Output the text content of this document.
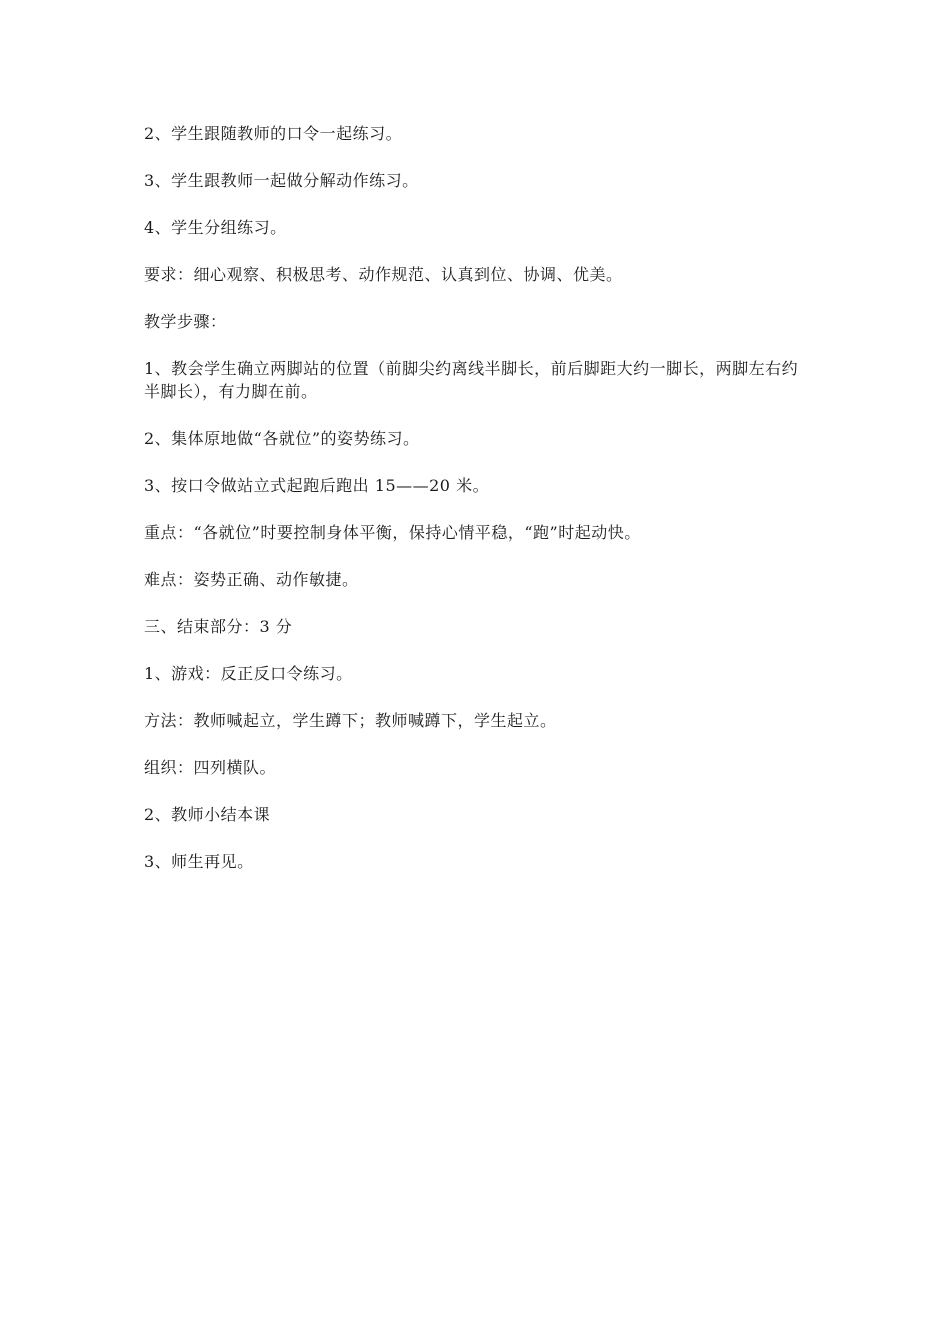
2、学生跟随教师的口令一起练习。

3、学生跟教师一起做分解动作练习。

4、学生分组练习。

要求：细心观察、积极思考、动作规范、认真到位、协调、优美。

教学步骤：

1、教会学生确立两脚站的位置（前脚尖约离线半脚长，前后脚距大约一脚长，两脚左右约半脚长），有力脚在前。

2、集体原地做“各就位”的姿势练习。

3、按口令做站立式起跑后跑出 15——20 米。

重点：“各就位”时要控制身体平衡，保持心情平稳，“跑”时起动快。

难点：姿势正确、动作敏捷。

三、结束部分：3 分

1、游戏：反正反口令练习。

方法：教师喊起立，学生蹲下；教师喊蹲下，学生起立。

组织：四列横队。

2、教师小结本课

3、师生再见。
